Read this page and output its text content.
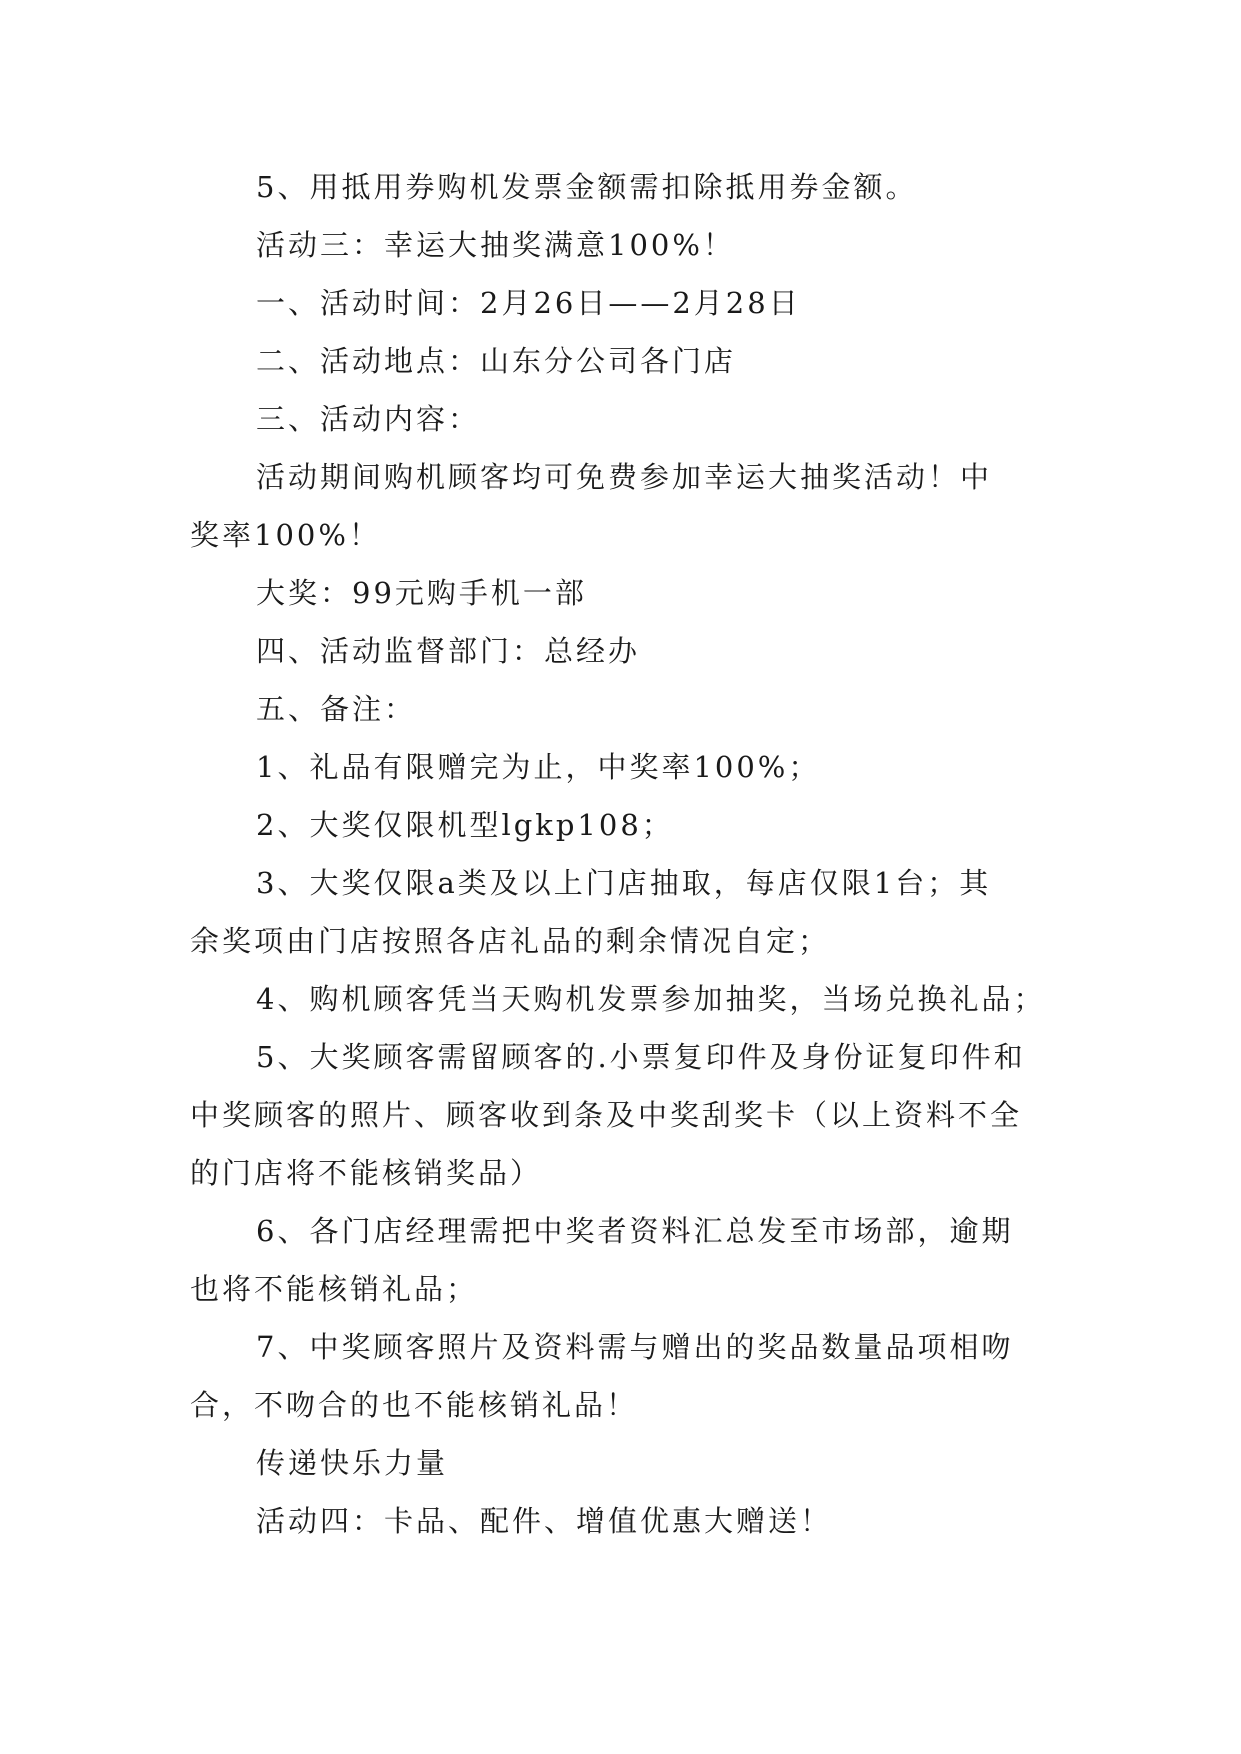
5、用抵用券购机发票金额需扣除抵用券金额。
活动三：幸运大抽奖满意100%！
一、活动时间：2月26日——2月28日
二、活动地点：山东分公司各门店
三、活动内容：
活动期间购机顾客均可免费参加幸运大抽奖活动！中
奖率100%！
大奖：99元购手机一部
四、活动监督部门：总经办
五、备注：
1、礼品有限赠完为止，中奖率100%；
2、大奖仅限机型lgkp108；
3、大奖仅限a类及以上门店抽取，每店仅限1台；其
余奖项由门店按照各店礼品的剩余情况自定；
4、购机顾客凭当天购机发票参加抽奖，当场兑换礼品；
5、大奖顾客需留顾客的.小票复印件及身份证复印件和
中奖顾客的照片、顾客收到条及中奖刮奖卡（以上资料不全
的门店将不能核销奖品）
6、各门店经理需把中奖者资料汇总发至市场部，逾期
也将不能核销礼品；
7、中奖顾客照片及资料需与赠出的奖品数量品项相吻
合，不吻合的也不能核销礼品！
传递快乐力量
活动四：卡品、配件、增值优惠大赠送！
